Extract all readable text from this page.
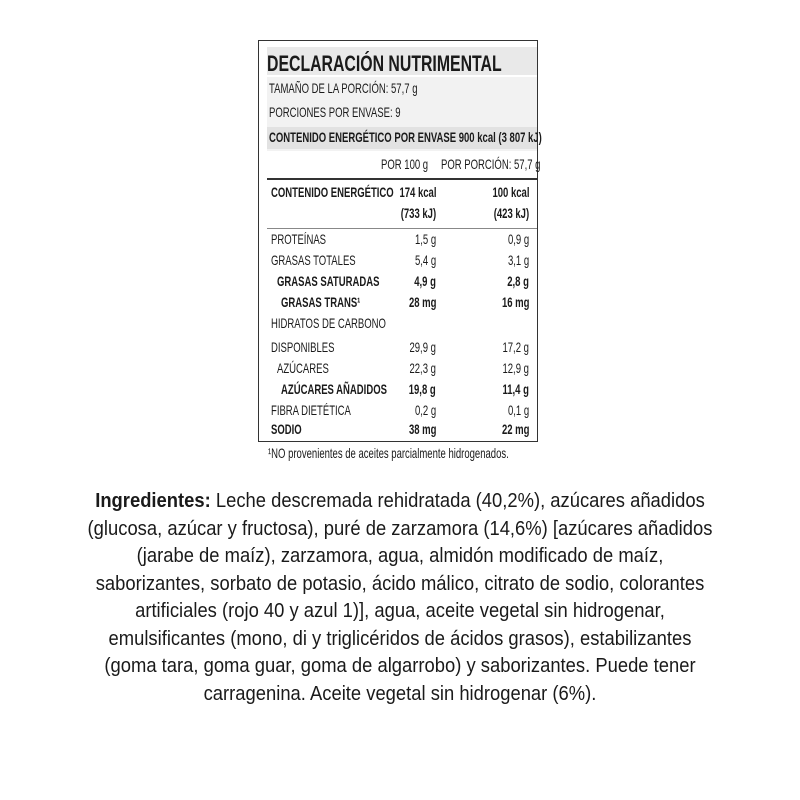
DECLARACIÓN NUTRIMENTAL
TAMAÑO DE LA PORCIÓN: 57,7 g
PORCIONES POR ENVASE: 9
CONTENIDO ENERGÉTICO POR ENVASE 900 kcal (3 807 kJ)
POR 100 g POR PORCIÓN: 57,7 g
CONTENIDO ENERGÉTICO 174 kcal	100 kcal
(733 kJ)	(423 kJ)
PROTEÍNAS	1,5 g	0,9 g
GRASAS TOTALES	5,4 g	3,1 g
GRASAS SATURADAS 4,9 g	2,8 g
GRASAS TRANS¹	28 mg	16 mg
HIDRATOS DE CARBONO
DISPONIBLES	29,9 g	17,2 g
AZÚCARES	22,3 g	12,9 g
AZÚCARES AÑADIDOS 19,8 g	11,4 g
FIBRA DIETÉTICA	0,2 g	0,1 g
SODIO	38 mg	22 mg
¹NO provenientes de aceites parcialmente hidrogenados.
Ingredientes: Leche descremada rehidratada (40,2%), azúcares añadidos (glucosa, azúcar y fructosa), puré de zarzamora (14,6%) [azúcares añadidos (jarabe de maíz), zarzamora, agua, almidón modificado de maíz, saborizantes, sorbato de potasio, ácido málico, citrato de sodio, colorantes artificiales (rojo 40 y azul 1)], agua, aceite vegetal sin hidrogenar, emulsificantes (mono, di y triglicéridos de ácidos grasos), estabilizantes (goma tara, goma guar, goma de algarrobo) y saborizantes. Puede tener carragenina. Aceite vegetal sin hidrogenar (6%).
